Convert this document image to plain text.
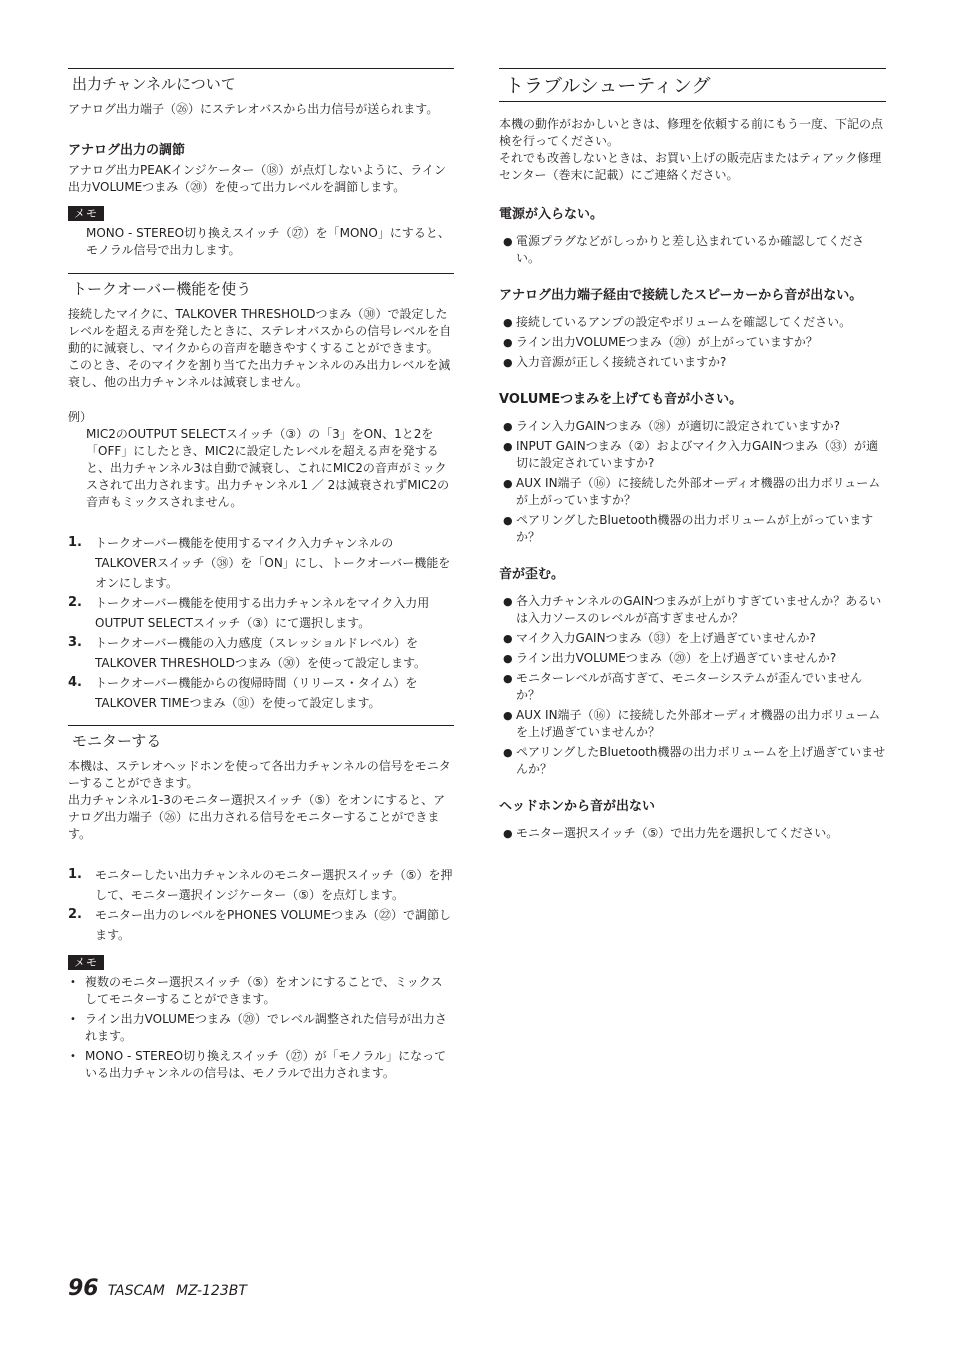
出力チャンネルについて

アナログ出力端子（㉖）にステレオバスから出力信号が送られます。

アナログ出力の調節

アナログ出力PEAKインジケーター（⑱）が点灯しないように、ライン出力VOLUMEつまみ（⑳）を使って出力レベルを調節します。

メモ

MONO - STEREO切り換えスイッチ（㉗）を「MONO」にすると、モノラル信号で出力します。

トークオーバー機能を使う

接続したマイクに、TALKOVER THRESHOLDつまみ（㉚）で設定したレベルを超える声を発したときに、ステレオバスからの信号レベルを自動的に減衰し、マイクからの音声を聴きやすくすることができます。

このとき、そのマイクを割り当てた出力チャンネルのみ出力レベルを減衰し、他の出力チャンネルは減衰しません。

例）

MIC2のOUTPUT SELECTスイッチ（③）の「3」をON、1と2を「OFF」にしたとき、MIC2に設定したレベルを超える声を発すると、出力チャンネル3は自動で減衰し、これにMIC2の音声がミックスされて出力されます。出力チャンネル1 ／ 2は減衰されずMIC2の音声もミックスされません。

1. トークオーバー機能を使用するマイク入力チャンネルのTALKOVERスイッチ（㊳）を「ON」にし、トークオーバー機能をオンにします。
2. トークオーバー機能を使用する出力チャンネルをマイク入力用OUTPUT SELECTスイッチ（③）にて選択します。
3. トークオーバー機能の入力感度（スレッショルドレベル）をTALKOVER THRESHOLDつまみ（㉚）を使って設定します。
4. トークオーバー機能からの復帰時間（リリース・タイム）をTALKOVER TIMEつまみ（㉛）を使って設定します。
モニターする

本機は、ステレオヘッドホンを使って各出力チャンネルの信号をモニターすることができます。

出力チャンネル1-3のモニター選択スイッチ（⑤）をオンにすると、アナログ出力端子（㉖）に出力される信号をモニターすることができます。

1. モニターしたい出力チャンネルのモニター選択スイッチ（⑤）を押して、モニター選択インジケーター（⑤）を点灯します。
2. モニター出力のレベルをPHONES VOLUMEつまみ（㉒）で調節します。
メモ
• 複数のモニター選択スイッチ（⑤）をオンにすることで、ミックスしてモニターすることができます。
• ライン出力VOLUMEつまみ（⑳）でレベル調整された信号が出力されます。
• MONO - STEREO切り換えスイッチ（㉗）が「モノラル」になっている出力チャンネルの信号は、モノラルで出力されます。
トラブルシューティング

本機の動作がおかしいときは、修理を依頼する前にもう一度、下記の点検を行ってください。

それでも改善しないときは、お買い上げの販売店またはティアック修理センター（巻末に記載）にご連絡ください。

電源が入らない。
● 電源プラグなどがしっかりと差し込まれているか確認してください。
アナログ出力端子経由で接続したスピーカーから音が出ない。
● 接続しているアンプの設定やボリュームを確認してください。
● ライン出力VOLUMEつまみ（⑳）が上がっていますか？
● 入力音源が正しく接続されていますか?
VOLUMEつまみを上げても音が小さい。
● ライン入力GAINつまみ（㉘）が適切に設定されていますか?
● INPUT GAINつまみ（②）およびマイク入力GAINつまみ（㉝）が適切に設定されていますか?
● AUX IN端子（⑯）に接続した外部オーディオ機器の出力ボリュームが上がっていますか？
● ペアリングしたBluetooth機器の出力ボリュームが上がっていますか？
音が歪む。
● 各入力チャンネルのGAINつまみが上がりすぎていませんか？あるいは入力ソースのレベルが高すぎませんか？
● マイク入力GAINつまみ（㉝）を上げ過ぎていませんか?
● ライン出力VOLUMEつまみ（⑳）を上げ過ぎていませんか?
● モニターレベルが高すぎて、モニターシステムが歪んでいませんか？
● AUX IN端子（⑯）に接続した外部オーディオ機器の出力ボリュームを上げ過ぎていませんか？
● ペアリングしたBluetooth機器の出力ボリュームを上げ過ぎていませんか？
ヘッドホンから音が出ない
● モニター選択スイッチ（⑤）で出力先を選択してください。
96 TASCAM MZ-123BT
